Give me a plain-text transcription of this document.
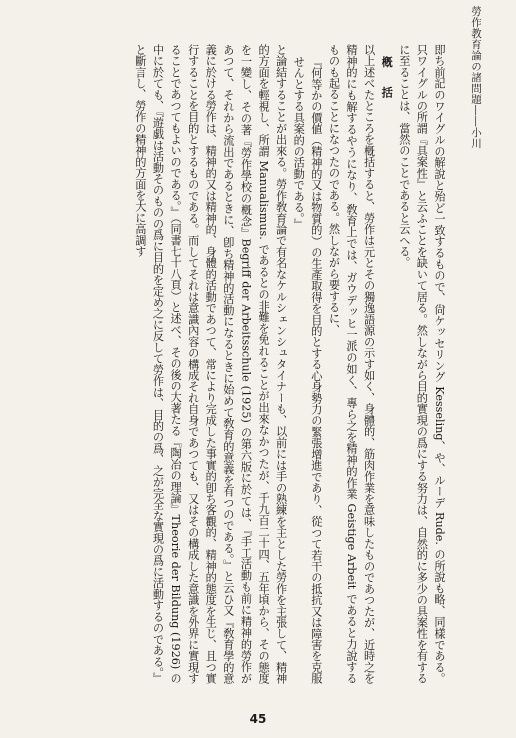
勞作教育論の諸問題――小川

即ち前記のワイグルの解說と殆ど一致するもので、尙ケッセリング Kesseling、や、ルーデ Rude. の所說も略、同樣である。只ワイグルの所謂『具案性』と云ふことを缺いて居る。然しながら目的實現の爲にする努力は、自然的に多少の具案性を有するに至ることは、當然のことであると云へる。

槪　括

以上述べたところを槪括すると、勞作は元とその獨逸語源の示す如く、身體的、筋肉作業を意味したものであつたが、近時之を精神的にも解するやうになり、敎育上では、ガウデッヒ一派の如く、專ら之を精神的作業 Geistige Arbeit であると力說するものも起ることになつたのである。然しながら要するに、

『何等かの價値（精神的又は物質的）の生產取得を目的とする心身勢力の緊張增進であり、從つて若干の抵抗又は障害を克服せんとする具案的の活動である。』

と論結することが出來る。勞作敎育論で有名なケルシェンシュタイナーも、以前には手の熟練を主とした勞作を主張して、精神的方面を輕視し、所謂 Manualismus. であるとの非難を免れることが出來なかつたが、千九百二十四、五年頃から、その態度を一變し、その著『勞作學校の槪念』Begriff der Arbeitsschule (1925) の第六版に於ては、『手工活動も前に精神的勞作があつて、それから流出であるときに、卽ち精神的活動になるときに始めて敎育的意義を有つのである。』と云ひ又『敎育學的意義に於ける勞作は、精神的又は精神的、身體的活動であつて、常により完成した事實的卽ち客觀的、精神的態度を生じ、且つ實行することを目的とするものである。而してそれは意識內容の構成それ自身であつても、又はその構成した意識を外界に實現することであつてもよいのである。』（同書七十八頁）と述べ、その後の大著たる『陶冶の理論』Theorie der Bildung (1926) の中に於ても、『遊戯は活動そのものの爲に目的を定め之に反して勞作は、目的の爲、之が完全な實現の爲に活動するのである。』と斷言し、勞作の精神的方面を大に高調す

45
